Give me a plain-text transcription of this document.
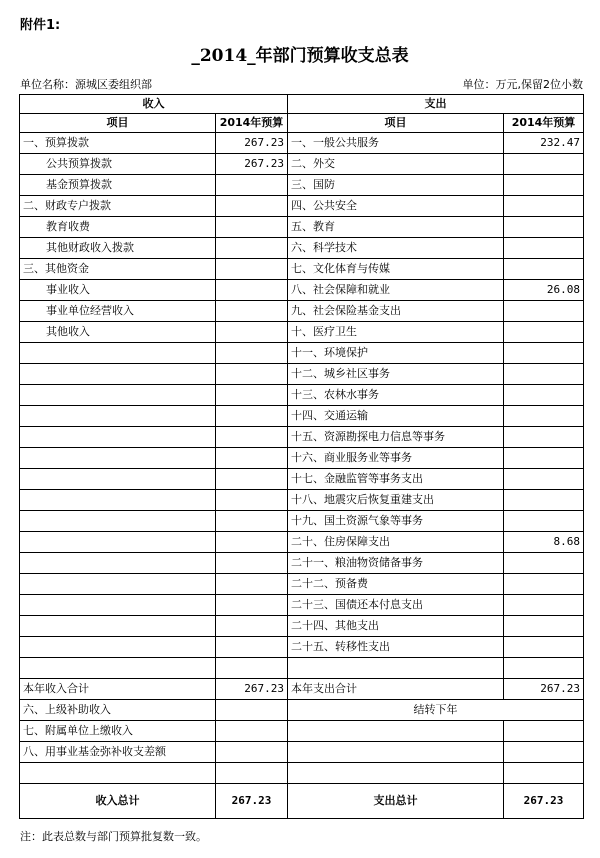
附件1:
_2014_年部门预算收支总表
单位名称：源城区委组织部	单位：万元,保留2位小数
收入		支出	
项目	2014年预算	项目	2014年预算
一、预算拨款	267.23	一、一般公共服务	232.47
公共预算拨款	267.23	二、外交	
基金预算拨款		三、国防	
二、财政专户拨款		四、公共安全	
教育收费		五、教育	
其他财政收入拨款		六、科学技术	
三、其他资金		七、文化体育与传媒	
事业收入		八、社会保障和就业	26.08
事业单位经营收入		九、社会保险基金支出	
其他收入		十、医疗卫生	
		十一、环境保护	
		十二、城乡社区事务	
		十三、农林水事务	
		十四、交通运输	
		十五、资源勘探电力信息等事务	
		十六、商业服务业等事务	
		十七、金融监管等事务支出	
		十八、地震灾后恢复重建支出	
		十九、国土资源气象等事务	
		二十、住房保障支出	8.68
		二十一、粮油物资储备事务	
		二十二、预备费	
		二十三、国债还本付息支出	
		二十四、其他支出	
		二十五、转移性支出	

本年收入合计	267.23	本年支出合计	267.23
六、上级补助收入		结转下年	
七、附属单位上缴收入			
八、用事业基金弥补收支差额			

收入总计	267.23	支出总计	267.23
注：此表总数与部门预算批复数一致。
